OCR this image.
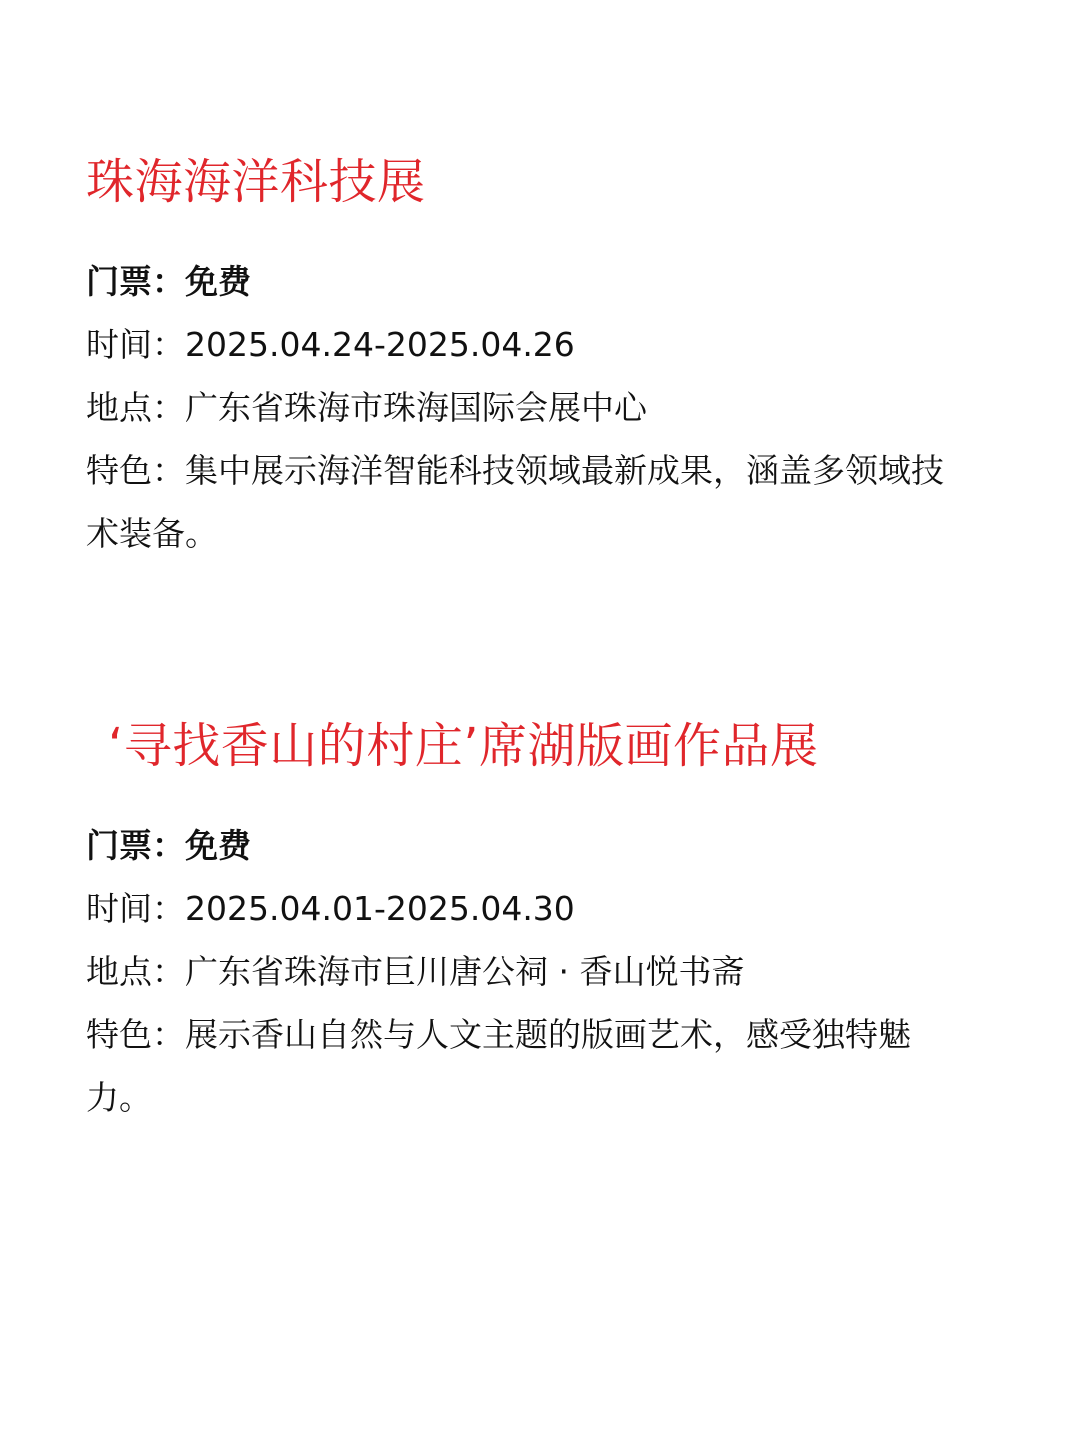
珠海海洋科技展
门票：免费
时间：2025.04.24-2025.04.26
地点：广东省珠海市珠海国际会展中心
特色：集中展示海洋智能科技领域最新成果，涵盖多领域技术装备。
‘寻找香山的村庄’席湖版画作品展
门票：免费
时间：2025.04.01-2025.04.30
地点：广东省珠海市巨川唐公祠 · 香山悦书斋
特色：展示香山自然与人文主题的版画艺术，感受独特魅力。
